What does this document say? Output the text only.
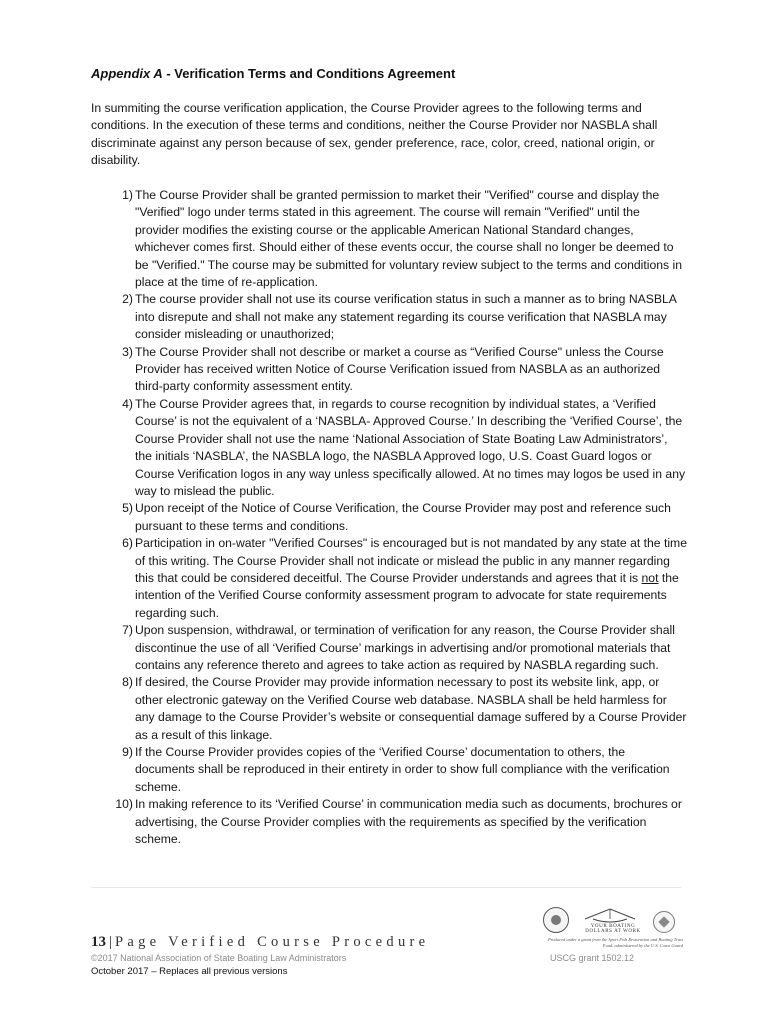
Appendix A - Verification Terms and Conditions Agreement

In summiting the course verification application, the Course Provider agrees to the following terms and conditions. In the execution of these terms and conditions, neither the Course Provider nor NASBLA shall discriminate against any person because of sex, gender preference, race, color, creed, national origin, or disability.

1) The Course Provider shall be granted permission to market their "Verified" course and display the "Verified" logo under terms stated in this agreement. The course will remain "Verified" until the provider modifies the existing course or the applicable American National Standard changes, whichever comes first. Should either of these events occur, the course shall no longer be deemed to be "Verified." The course may be submitted for voluntary review subject to the terms and conditions in place at the time of re-application.
2) The course provider shall not use its course verification status in such a manner as to bring NASBLA into disrepute and shall not make any statement regarding its course verification that NASBLA may consider misleading or unauthorized;
3) The Course Provider shall not describe or market a course as “Verified Course" unless the Course Provider has received written Notice of Course Verification issued from NASBLA as an authorized third-party conformity assessment entity.
4) The Course Provider agrees that, in regards to course recognition by individual states, a ‘Verified Course’ is not the equivalent of a ‘NASBLA- Approved Course.’ In describing the ‘Verified Course’, the Course Provider shall not use the name ‘National Association of State Boating Law Administrators’, the initials ‘NASBLA’, the NASBLA logo, the NASBLA Approved logo, U.S. Coast Guard logos or Course Verification logos in any way unless specifically allowed. At no times may logos be used in any way to mislead the public.
5) Upon receipt of the Notice of Course Verification, the Course Provider may post and reference such pursuant to these terms and conditions.
6) Participation in on-water "Verified Courses" is encouraged but is not mandated by any state at the time of this writing. The Course Provider shall not indicate or mislead the public in any manner regarding this that could be considered deceitful. The Course Provider understands and agrees that it is not the intention of the Verified Course conformity assessment program to advocate for state requirements regarding such.
7) Upon suspension, withdrawal, or termination of verification for any reason, the Course Provider shall discontinue the use of all ‘Verified Course’ markings in advertising and/or promotional materials that contains any reference thereto and agrees to take action as required by NASBLA regarding such.
8) If desired, the Course Provider may provide information necessary to post its website link, app, or other electronic gateway on the Verified Course web database. NASBLA shall be held harmless for any damage to the Course Provider’s website or consequential damage suffered by a Course Provider as a result of this linkage.
9) If the Course Provider provides copies of the ‘Verified Course’ documentation to others, the documents shall be reproduced in their entirety in order to show full compliance with the verification scheme.
10) In making reference to its ‘Verified Course’ in communication media such as documents, brochures or advertising, the Course Provider complies with the requirements as specified by the verification scheme.
13 | Page Verified Course Procedure
©2017 National Association of State Boating Law Administrators
October 2017 – Replaces all previous versions
USCG grant 1502.12
YOUR BOATING DOLLARS AT WORK
Produced under a grant from the Sport Fish Restoration and Boating Trust Fund, administered by the U.S. Coast Guard
